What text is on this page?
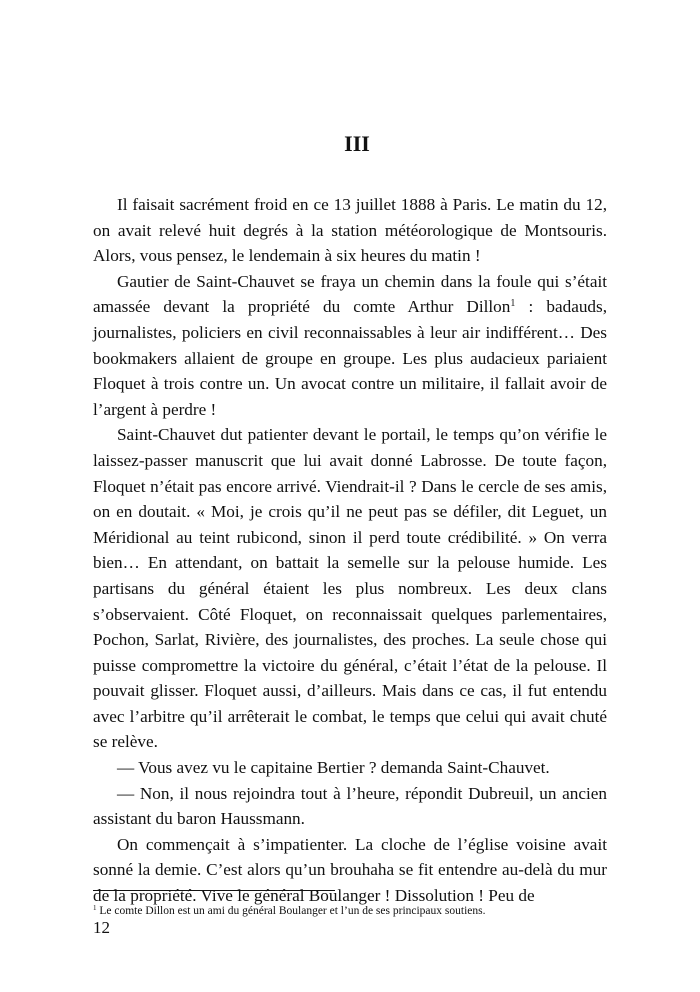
III

Il faisait sacrément froid en ce 13 juillet 1888 à Paris. Le matin du 12, on avait relevé huit degrés à la station météorologique de Montsouris. Alors, vous pensez, le lendemain à six heures du matin !

Gautier de Saint-Chauvet se fraya un chemin dans la foule qui s’était amassée devant la propriété du comte Arthur Dillon$^1$ : badauds, journalistes, policiers en civil reconnaissables à leur air indifférent… Des bookmakers allaient de groupe en groupe. Les plus audacieux pariaient Floquet à trois contre un. Un avocat contre un militaire, il fallait avoir de l’argent à perdre !

Saint-Chauvet dut patienter devant le portail, le temps qu’on vérifie le laissez-passer manuscrit que lui avait donné Labrosse. De toute façon, Floquet n’était pas encore arrivé. Viendrait-il ? Dans le cercle de ses amis, on en doutait. « Moi, je crois qu’il ne peut pas se défiler, dit Leguet, un Méridional au teint rubicond, sinon il perd toute crédibilité. » On verra bien… En attendant, on battait la semelle sur la pelouse humide. Les partisans du général étaient les plus nombreux. Les deux clans s’observaient. Côté Floquet, on reconnaissait quelques parlementaires, Pochon, Sarlat, Rivière, des journalistes, des proches. La seule chose qui puisse compromettre la victoire du général, c’était l’état de la pelouse. Il pouvait glisser. Floquet aussi, d’ailleurs. Mais dans ce cas, il fut entendu avec l’arbitre qu’il arrêterait le combat, le temps que celui qui avait chuté se relève.

— Vous avez vu le capitaine Bertier ? demanda Saint-Chauvet.

— Non, il nous rejoindra tout à l’heure, répondit Dubreuil, un ancien assistant du baron Haussmann.

On commençait à s’impatienter. La cloche de l’église voisine avait sonné la demie. C’est alors qu’un brouhaha se fit entendre au-delà du mur de la propriété. Vive le général Boulanger ! Dissolution ! Peu de

$^1$ Le comte Dillon est un ami du général Boulanger et l’un de ses principaux soutiens.
12
